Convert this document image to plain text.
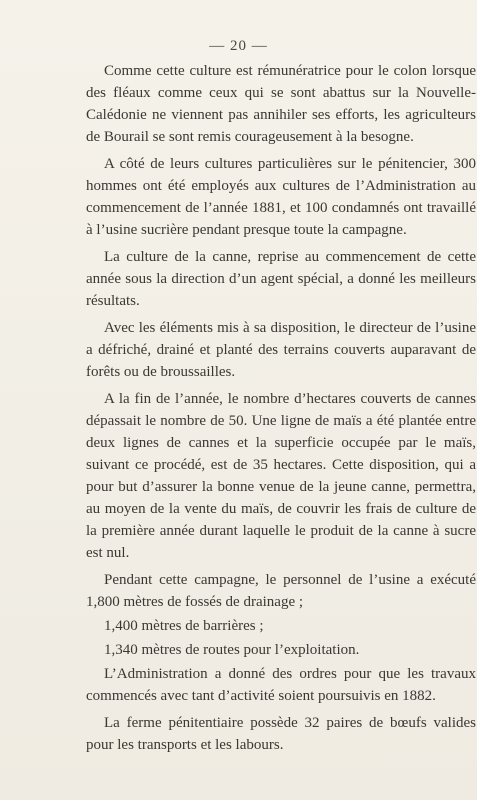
— 20 —

Comme cette culture est rémunératrice pour le colon lorsque des fléaux comme ceux qui se sont abattus sur la Nouvelle-Calédonie ne viennent pas annihiler ses efforts, les agriculteurs de Bourail se sont remis courageusement à la besogne.

A côté de leurs cultures particulières sur le pénitencier, 300 hommes ont été employés aux cultures de l’Administration au commencement de l’année 1881, et 100 condamnés ont travaillé à l’usine sucrière pendant presque toute la campagne.

La culture de la canne, reprise au commencement de cette année sous la direction d’un agent spécial, a donné les meilleurs résultats.

Avec les éléments mis à sa disposition, le directeur de l’usine a défriché, drainé et planté des terrains couverts auparavant de forêts ou de broussailles.

A la fin de l’année, le nombre d’hectares couverts de cannes dépassait le nombre de 50. Une ligne de maïs a été plantée entre deux lignes de cannes et la superficie occupée par le maïs, suivant ce procédé, est de 35 hectares. Cette disposition, qui a pour but d’assurer la bonne venue de la jeune canne, permettra, au moyen de la vente du maïs, de couvrir les frais de culture de la première année durant laquelle le produit de la canne à sucre est nul.

Pendant cette campagne, le personnel de l’usine a exécuté 1,800 mètres de fossés de drainage ;

1,400 mètres de barrières ;

1,340 mètres de routes pour l’exploitation.

L’Administration a donné des ordres pour que les travaux commencés avec tant d’activité soient poursuivis en 1882.

La ferme pénitentiaire possède 32 paires de bœufs valides pour les transports et les labours.
